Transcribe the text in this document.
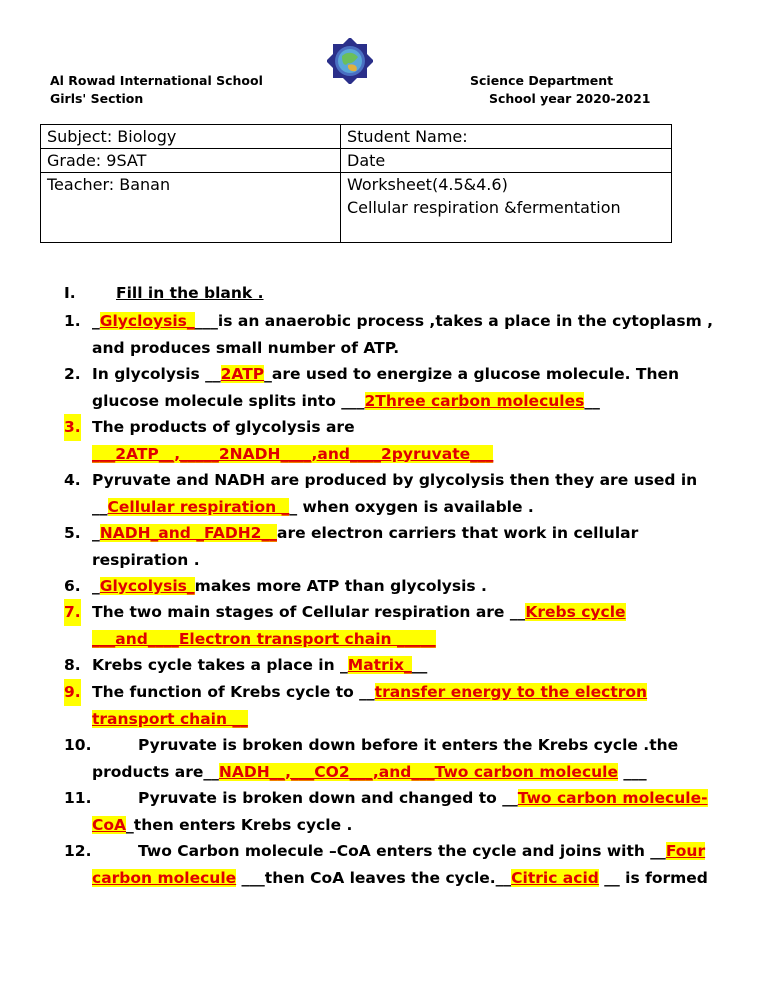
Al Rowad International School
Girls' Section
Science Department
School year 2020-2021
Subject: Biology	Student Name:
Grade: 9SAT	Date
Teacher: Banan	Worksheet(4.5&4.6)
Cellular respiration &fermentation
I.	Fill in the blank .
1. _Glycloysis____is an anaerobic process ,takes a place in the cytoplasm , and produces small number of ATP.
2. In glycolysis __2ATP_are used to energize a glucose molecule. Then glucose molecule splits into ___2Three carbon molecules__
3. The products of glycolysis are
___2ATP__,_____2NADH____,and____2pyruvate___
4. Pyruvate and NADH are produced by glycolysis then they are used in __Cellular respiration __ when oxygen is available .
5. _NADH_and _FADH2__are electron carriers that work in cellular respiration .
6. _Glycolysis_makes more ATP than glycolysis .
7. The two main stages of Cellular respiration are __Krebs cycle ___and____Electron transport chain _____
8. Krebs cycle takes a place in _Matrix___
9. The function of Krebs cycle to __transfer energy to the electron transport chain __
10.	Pyruvate is broken down before it enters the Krebs cycle .the products are__NADH__,___CO2___,and___Two carbon molecule ___
11.	Pyruvate is broken down and changed to __Two carbon molecule-CoA_then enters Krebs cycle .
12.	Two Carbon molecule –CoA enters the cycle and joins with __Four carbon molecule ___then CoA leaves the cycle.__Citric acid __ is formed
